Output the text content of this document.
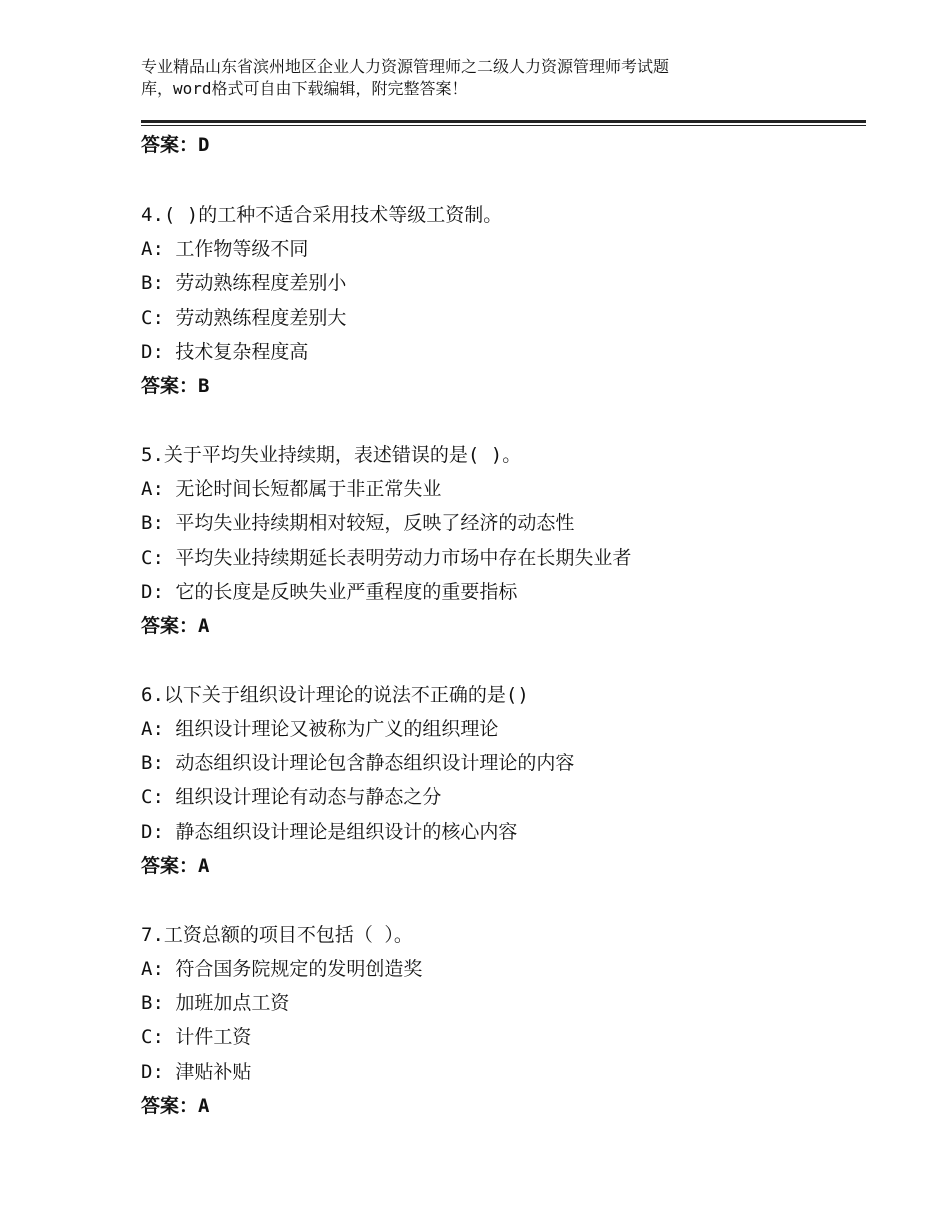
专业精品山东省滨州地区企业人力资源管理师之二级人力资源管理师考试题
库，word格式可自由下载编辑，附完整答案！
答案：D
4.( )的工种不适合采用技术等级工资制。
A: 工作物等级不同
B: 劳动熟练程度差别小
C: 劳动熟练程度差别大
D: 技术复杂程度高
答案：B
5.关于平均失业持续期，表述错误的是( )。
A: 无论时间长短都属于非正常失业
B: 平均失业持续期相对较短，反映了经济的动态性
C: 平均失业持续期延长表明劳动力市场中存在长期失业者
D: 它的长度是反映失业严重程度的重要指标
答案：A
6.以下关于组织设计理论的说法不正确的是()
A: 组织设计理论又被称为广义的组织理论
B: 动态组织设计理论包含静态组织设计理论的内容
C: 组织设计理论有动态与静态之分
D: 静态组织设计理论是组织设计的核心内容
答案：A
7.工资总额的项目不包括（ ）。
A: 符合国务院规定的发明创造奖
B: 加班加点工资
C: 计件工资
D: 津贴补贴
答案：A
